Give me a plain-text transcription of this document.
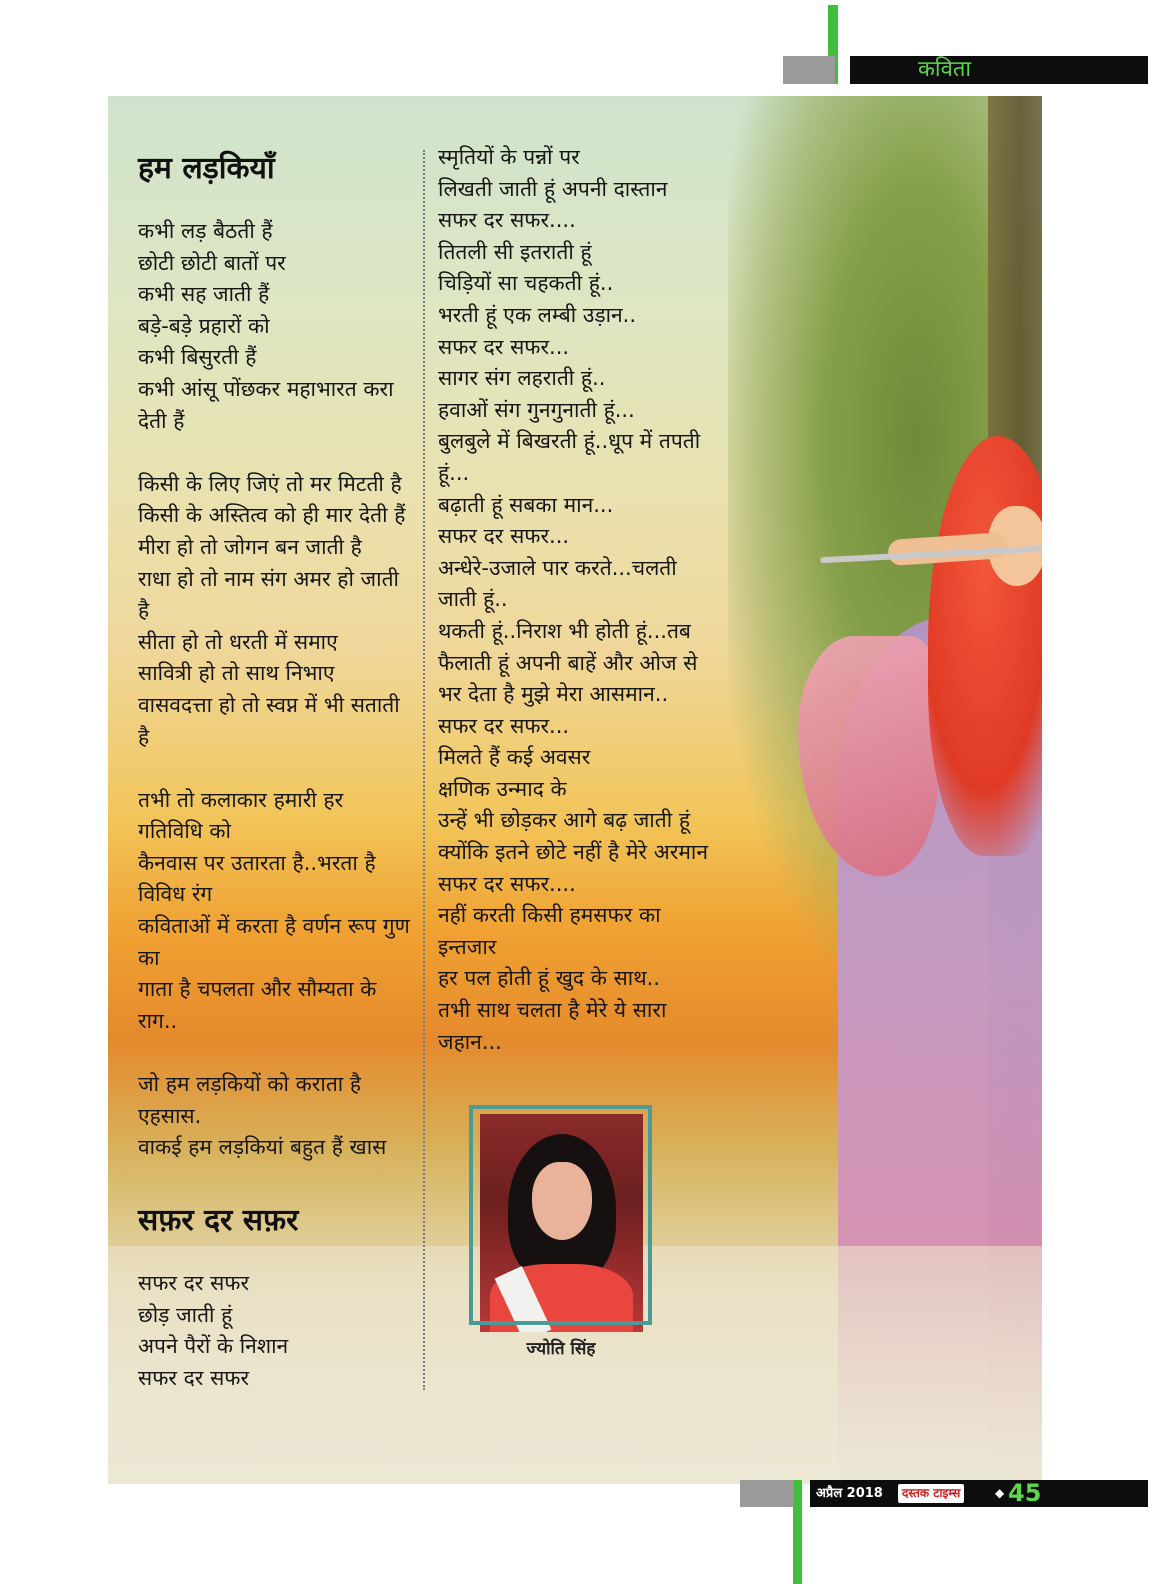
कविता
हम लड़कियाँ
कभी लड़ बैठती हैं
छोटी छोटी बातों पर
कभी सह जाती हैं
बड़े-बड़े प्रहारों को
कभी बिसुरती हैं
कभी आंसू पोंछकर महाभारत करा
देती हैं
किसी के लिए जिएं तो मर मिटती है
किसी के अस्तित्व को ही मार देती हैं
मीरा हो तो जोगन बन जाती है
राधा हो तो नाम संग अमर हो जाती
है
सीता हो तो धरती में समाए
सावित्री हो तो साथ निभाए
वासवदत्ता हो तो स्वप्न में भी सताती
है
तभी तो कलाकार हमारी हर
गतिविधि को
कैनवास पर उतारता है..भरता है
विविध रंग
कविताओं में करता है वर्णन रूप गुण
का
गाता है चपलता और सौम्यता के
राग..
जो हम लड़कियों को कराता है
एहसास.
वाकई हम लड़कियां बहुत हैं खास
सफ़र दर सफ़र
सफर दर सफर
छोड़ जाती हूं
अपने पैरों के निशान
सफर दर सफर
स्मृतियों के पन्नों पर
लिखती जाती हूं अपनी दास्तान
सफर दर सफर....
तितली सी इतराती हूं
चिड़ियों सा चहकती हूं..
भरती हूं एक लम्बी उड़ान..
सफर दर सफर...
सागर संग लहराती हूं..
हवाओं संग गुनगुनाती हूं...
बुलबुले में बिखरती हूं..धूप में तपती
हूं...
बढ़ाती हूं सबका मान...
सफर दर सफर...
अन्धेरे-उजाले पार करते...चलती
जाती हूं..
थकती हूं..निराश भी होती हूं...तब
फैलाती हूं अपनी बाहें और ओज से
भर देता है मुझे मेरा आसमान..
सफर दर सफर...
मिलते हैं कई अवसर
क्षणिक उन्माद के
उन्हें भी छोड़कर आगे बढ़ जाती हूं
क्योंकि इतने छोटे नहीं है मेरे अरमान
सफर दर सफर....
नहीं करती किसी हमसफर का
इन्तजार
हर पल होती हूं खुद के साथ..
तभी साथ चलता है मेरे ये सारा
जहान...
ज्योति सिंह
अप्रैल 2018	दस्तक टाइम्स	◆ 45
